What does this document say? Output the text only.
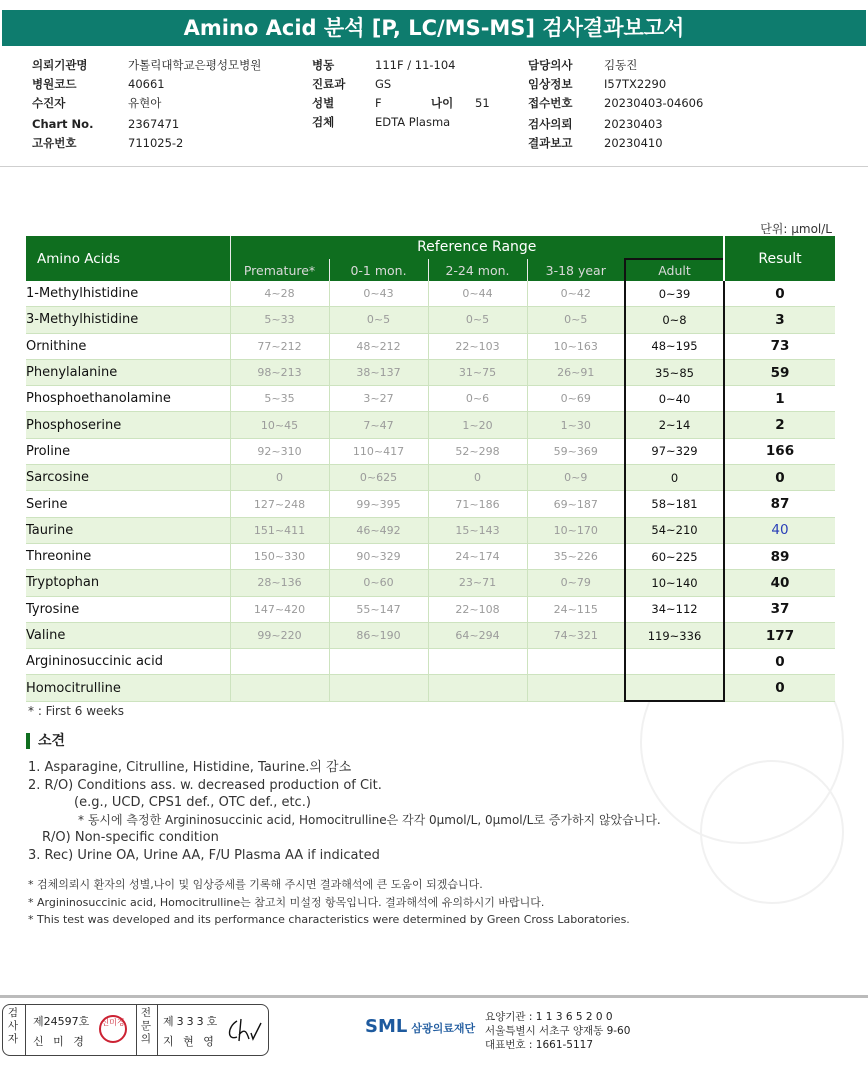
Amino Acid 분석 [P, LC/MS-MS] 검사결과보고서
의뢰기관명	가톨릭대학교은평성모병원
병원코드	40661
수진자	유현아
Chart No.	2367471
고유번호	711025-2
병동	111F / 11-104
진료과	GS
성별	F	나이	51
검체	EDTA Plasma
담당의사	김동진
임상정보	I57TX2290
접수번호	20230403-04606
검사의뢰	20230403
결과보고	20230410
단위: μmol/L
Amino Acids	Reference Range					Result
	Premature*	0-1 mon.	2-24 mon.	3-18 year	Adult	
1-Methylhistidine	4~28	0~43	0~44	0~42	0~39	0
3-Methylhistidine	5~33	0~5	0~5	0~5	0~8	3
Ornithine	77~212	48~212	22~103	10~163	48~195	73
Phenylalanine	98~213	38~137	31~75	26~91	35~85	59
Phosphoethanolamine	5~35	3~27	0~6	0~69	0~40	1
Phosphoserine	10~45	7~47	1~20	1~30	2~14	2
Proline	92~310	110~417	52~298	59~369	97~329	166
Sarcosine	0	0~625	0	0~9	0	0
Serine	127~248	99~395	71~186	69~187	58~181	87
Taurine	151~411	46~492	15~143	10~170	54~210	40
Threonine	150~330	90~329	24~174	35~226	60~225	89
Tryptophan	28~136	0~60	23~71	0~79	10~140	40
Tyrosine	147~420	55~147	22~108	24~115	34~112	37
Valine	99~220	86~190	64~294	74~321	119~336	177
Argininosuccinic acid						0
Homocitrulline						0
* : First 6 weeks
소견
1. Asparagine, Citrulline, Histidine, Taurine.의 감소
2. R/O) Conditions ass. w. decreased production of Cit.
(e.g., UCD, CPS1 def., OTC def., etc.)
* 동시에 측정한 Argininosuccinic acid, Homocitrulline은 각각 0μmol/L, 0μmol/L로 증가하지 않았습니다.
R/O) Non-specific condition
3. Rec) Urine OA, Urine AA, F/U Plasma AA if indicated
* 검체의뢰시 환자의 성별,나이 및 임상증세를 기록해 주시면 결과해석에 큰 도움이 되겠습니다.
* Argininosuccinic acid, Homocitrulline는 참고치 미설정 항목입니다. 결과해석에 유의하시기 바랍니다.
* This test was developed and its performance characteristics were determined by Green Cross Laboratories.
검
사
자
제24597호
신 미 경
신미경
전
문
의
제333호
지 현 영
SML 삼광의료재단
요양기관 : 1 1 3 6 5 2 0 0
서울특별시 서초구 양재동 9-60
대표번호 : 1661-5117
